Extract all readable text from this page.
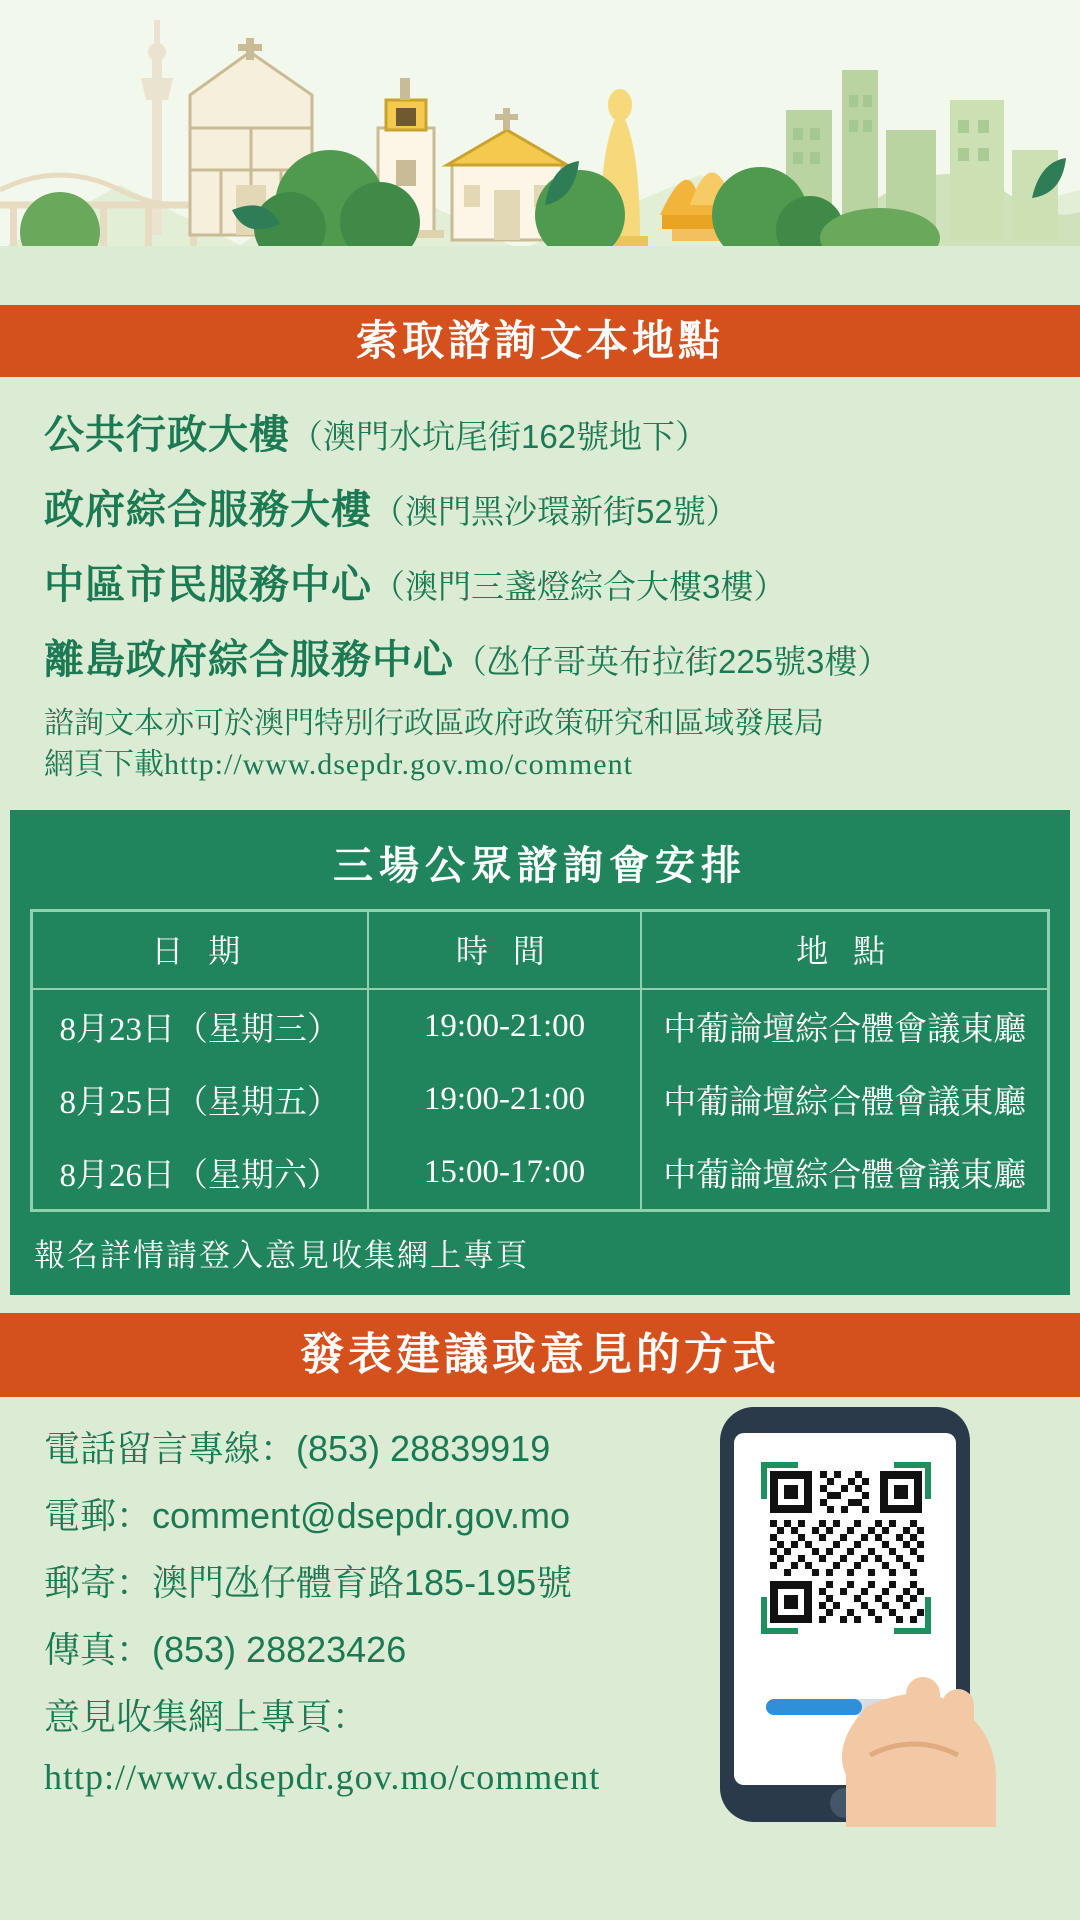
索取諮詢文本地點
公共行政大樓（澳門水坑尾街162號地下）
政府綜合服務大樓（澳門黑沙環新街52號）
中區市民服務中心（澳門三盞燈綜合大樓3樓）
離島政府綜合服務中心（氹仔哥英布拉街225號3樓）
諮詢文本亦可於澳門特別行政區政府政策研究和區域發展局
網頁下載http://www.dsepdr.gov.mo/comment
三場公眾諮詢會安排
日 期	時 間	地 點
8月23日（星期三）	19:00-21:00	中葡論壇綜合體會議東廳
8月25日（星期五）	19:00-21:00	中葡論壇綜合體會議東廳
8月26日（星期六）	15:00-17:00	中葡論壇綜合體會議東廳
報名詳情請登入意見收集網上專頁
發表建議或意見的方式
電話留言專線：(853) 28839919
電郵：comment@dsepdr.gov.mo
郵寄：澳門氹仔體育路185-195號
傳真：(853) 28823426
意見收集網上專頁：
http://www.dsepdr.gov.mo/comment
